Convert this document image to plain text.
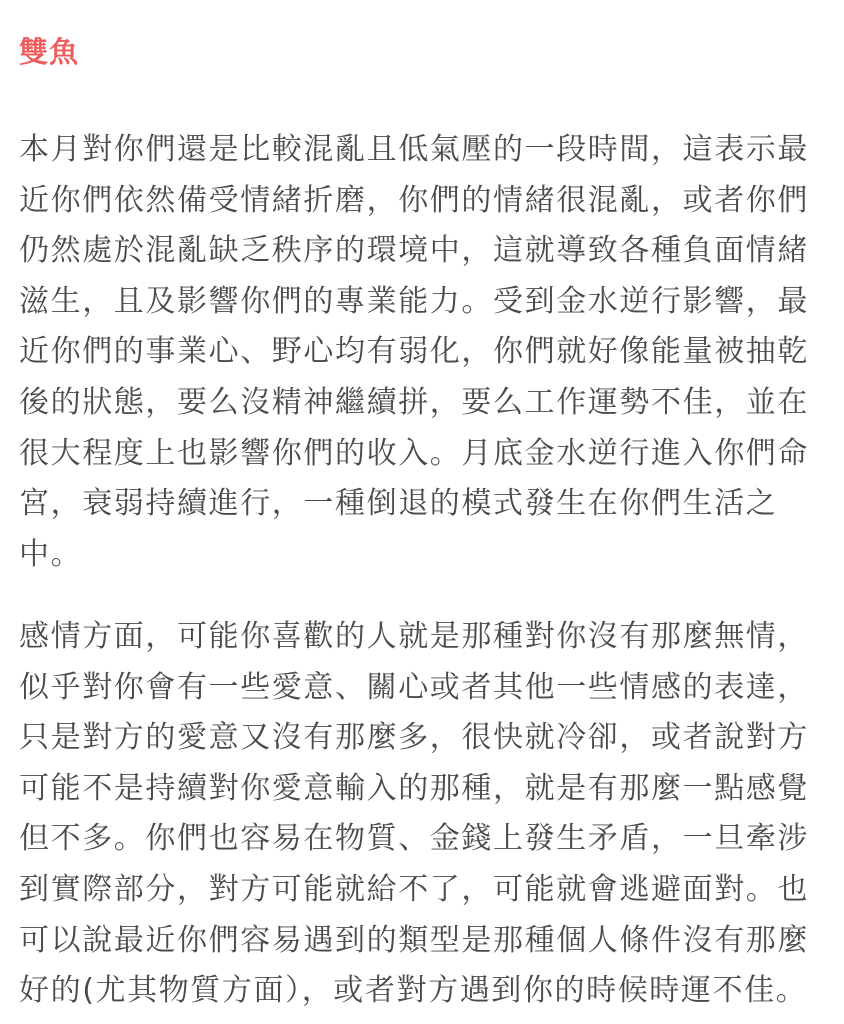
雙魚

本月對你們還是比較混亂且低氣壓的一段時間，這表示最
近你們依然備受情緒折磨，你們的情緒很混亂，或者你們
仍然處於混亂缺乏秩序的環境中，這就導致各種負面情緒
滋生，且及影響你們的專業能力。受到金水逆行影響，最
近你們的事業心、野心均有弱化，你們就好像能量被抽乾
後的狀態，要么沒精神繼續拼，要么工作運勢不佳，並在
很大程度上也影響你們的收入。月底金水逆行進入你們命
宮，衰弱持續進行，一種倒退的模式發生在你們生活之
中。

感情方面，可能你喜歡的人就是那種對你沒有那麼無情，
似乎對你會有一些愛意、關心或者其他一些情感的表達，
只是對方的愛意又沒有那麼多，很快就冷卻，或者說對方
可能不是持續對你愛意輸入的那種，就是有那麼一點感覺
但不多。你們也容易在物質、金錢上發生矛盾，一旦牽涉
到實際部分，對方可能就給不了，可能就會逃避面對。也
可以說最近你們容易遇到的類型是那種個人條件沒有那麼
好的(尤其物質方面），或者對方遇到你的時候時運不佳。
